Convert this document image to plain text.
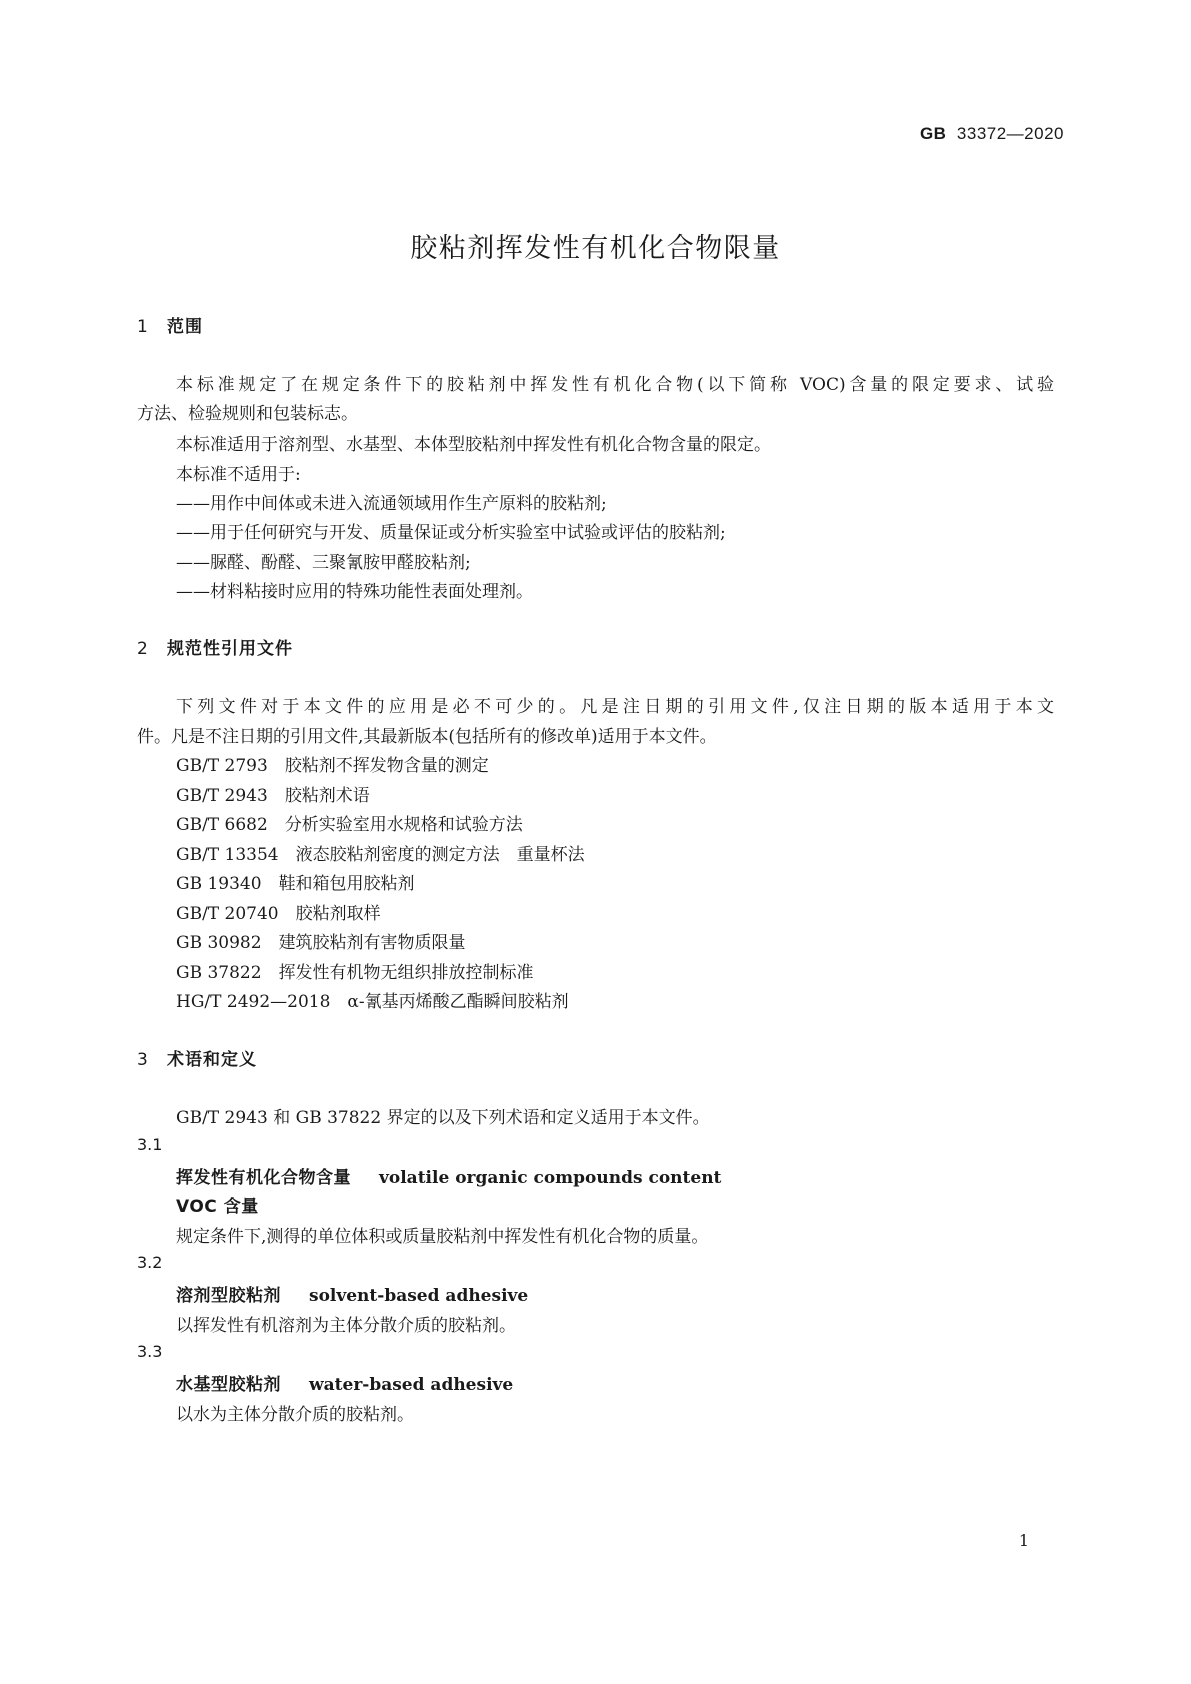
GB 33372—2020
胶粘剂挥发性有机化合物限量
1 范围
本标准规定了在规定条件下的胶粘剂中挥发性有机化合物(以下简称 VOC)含量的限定要求、试验
方法、检验规则和包装标志。
本标准适用于溶剂型、水基型、本体型胶粘剂中挥发性有机化合物含量的限定。
本标准不适用于:
——用作中间体或未进入流通领域用作生产原料的胶粘剂;
——用于任何研究与开发、质量保证或分析实验室中试验或评估的胶粘剂;
——脲醛、酚醛、三聚氰胺甲醛胶粘剂;
——材料粘接时应用的特殊功能性表面处理剂。
2 规范性引用文件
下列文件对于本文件的应用是必不可少的。凡是注日期的引用文件,仅注日期的版本适用于本文
件。凡是不注日期的引用文件,其最新版本(包括所有的修改单)适用于本文件。
GB/T 2793  胶粘剂不挥发物含量的测定
GB/T 2943  胶粘剂术语
GB/T 6682  分析实验室用水规格和试验方法
GB/T 13354  液态胶粘剂密度的测定方法　重量杯法
GB 19340  鞋和箱包用胶粘剂
GB/T 20740  胶粘剂取样
GB 30982  建筑胶粘剂有害物质限量
GB 37822  挥发性有机物无组织排放控制标准
HG/T 2492—2018  α-氰基丙烯酸乙酯瞬间胶粘剂
3 术语和定义
GB/T 2943 和 GB 37822 界定的以及下列术语和定义适用于本文件。
3.1
挥发性有机化合物含量 volatile organic compounds content
VOC 含量
规定条件下,测得的单位体积或质量胶粘剂中挥发性有机化合物的质量。
3.2
溶剂型胶粘剂 solvent-based adhesive
以挥发性有机溶剂为主体分散介质的胶粘剂。
3.3
水基型胶粘剂 water-based adhesive
以水为主体分散介质的胶粘剂。
1
